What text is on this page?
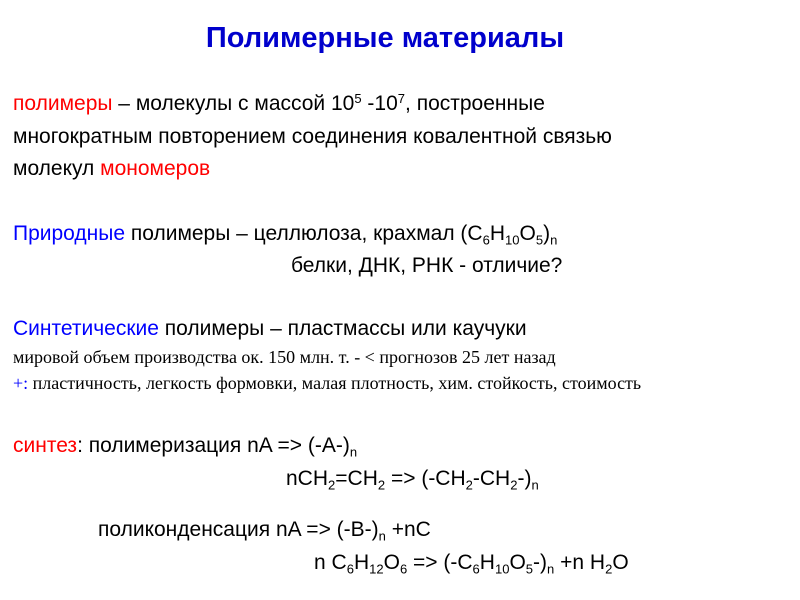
Полимерные материалы
полимеры – молекулы с массой $10^5$ $-10^7$, построенные
многократным повторением соединения ковалентной связью
молекул мономеров
Природные полимеры – целлюлоза, крахмал $(C_6H_{10}O_5)_n$
белки, ДНК, РНК - отличие?
Синтетические полимеры – пластмассы или каучуки
мировой объем производства ок. 150 млн. т. - < прогнозов 25 лет назад
+: пластичность, легкость формовки, малая плотность, хим. стойкость, стоимость
синтез: полимеризация nA => $(-A-)_n$
$nCH_2=CH_2 => (-CH_2-CH_2-)_n$
поликонденсация nA => $(-B-)_n +nC$
n $C_6H_{12}O_6 => (-C_6H_{10}O_5-)_n +n$ $H_2O$
